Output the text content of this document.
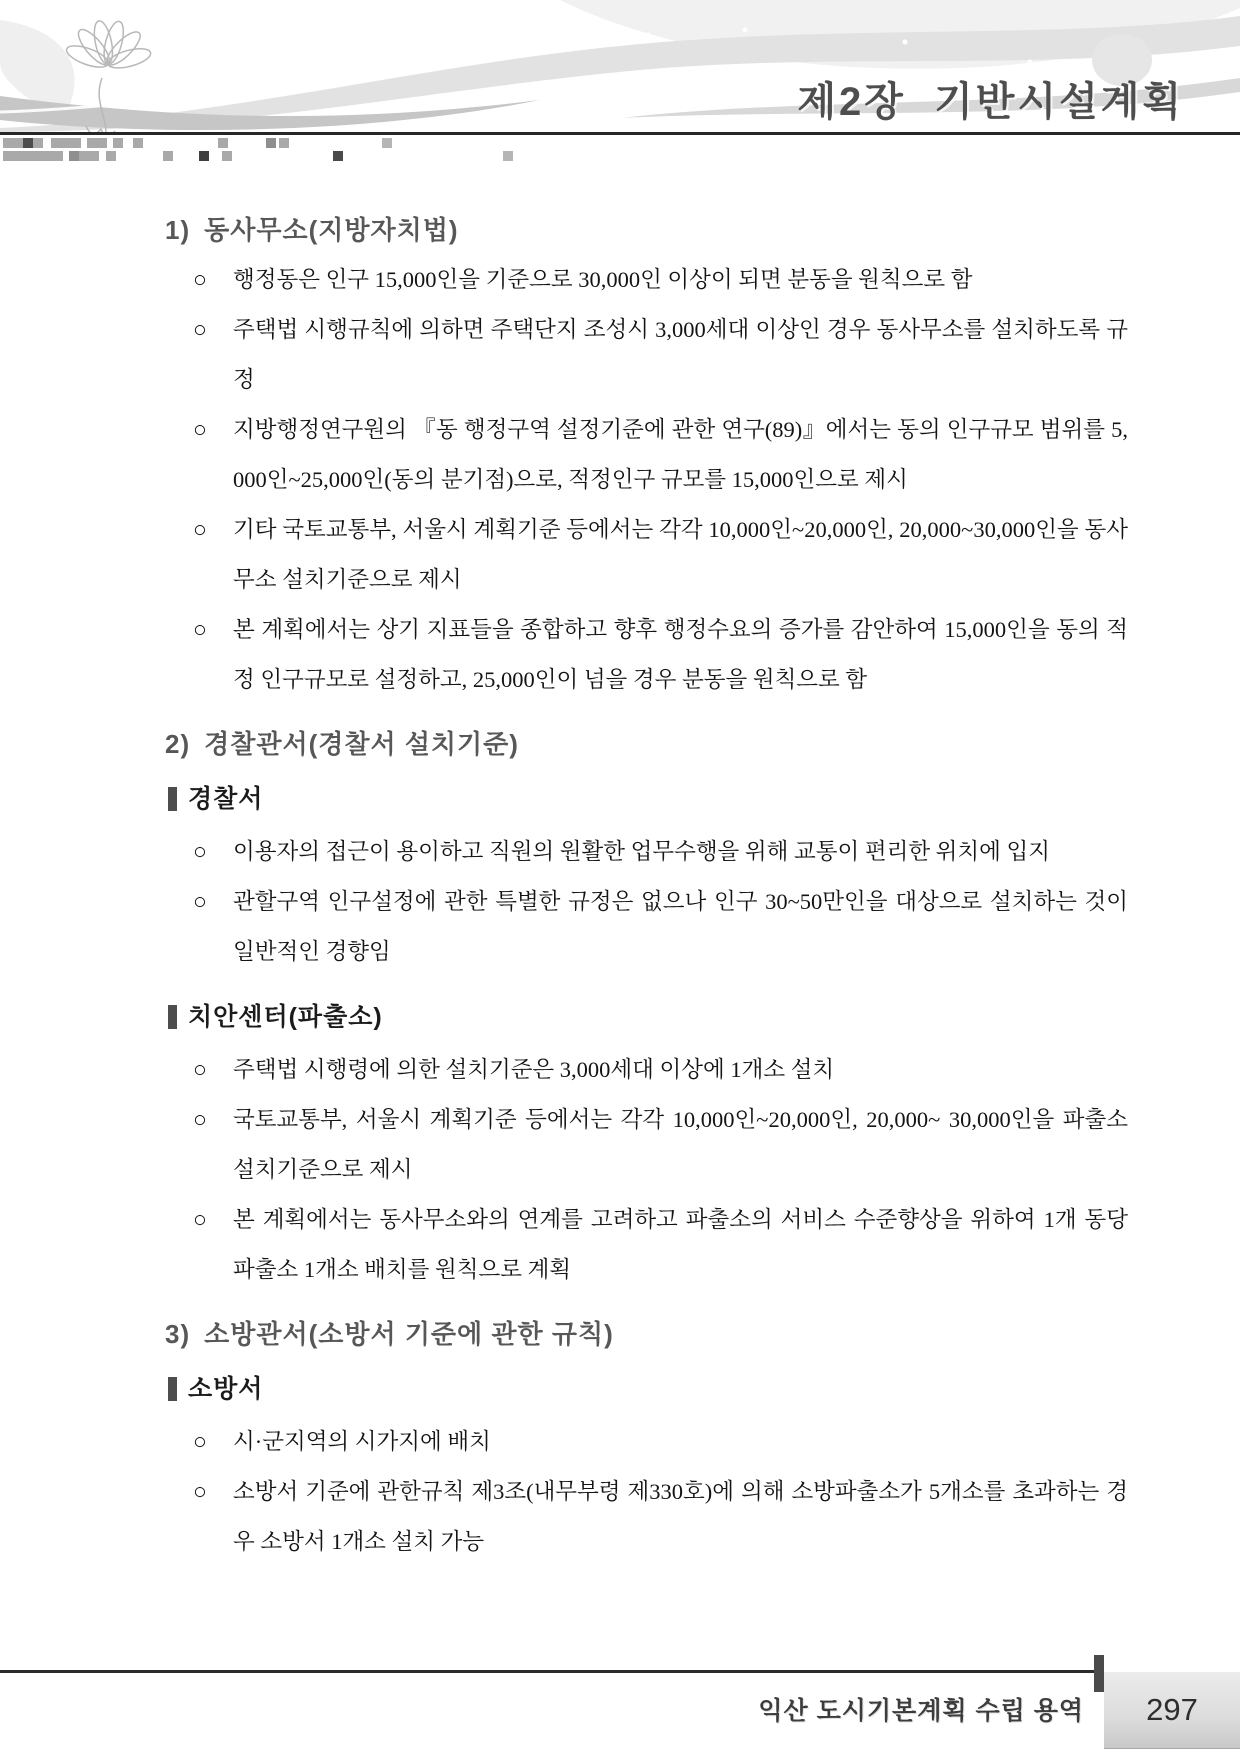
제2장  기반시설계획
1) 동사무소(지방자치법)
○	행정동은 인구 15,000인을 기준으로 30,000인 이상이 되면 분동을 원칙으로 함
○	주택법 시행규칙에 의하면 주택단지 조성시 3,000세대 이상인 경우 동사무소를 설치하도록 규정
○	지방행정연구원의 『동 행정구역 설정기준에 관한 연구(89)』에서는 동의 인구규모 범위를 5,000인~25,000인(동의 분기점)으로, 적정인구 규모를 15,000인으로 제시
○	기타 국토교통부, 서울시 계획기준 등에서는 각각 10,000인~20,000인, 20,000~30,000인을 동사무소 설치기준으로 제시
○	본 계획에서는 상기 지표들을 종합하고 향후 행정수요의 증가를 감안하여 15,000인을 동의 적정 인구규모로 설정하고, 25,000인이 넘을 경우 분동을 원칙으로 함
2) 경찰관서(경찰서 설치기준)
경찰서
○	이용자의 접근이 용이하고 직원의 원활한 업무수행을 위해 교통이 편리한 위치에 입지
○	관할구역 인구설정에 관한 특별한 규정은 없으나 인구 30~50만인을 대상으로 설치하는 것이 일반적인 경향임
치안센터(파출소)
○	주택법 시행령에 의한 설치기준은 3,000세대 이상에 1개소 설치
○	국토교통부, 서울시 계획기준 등에서는 각각 10,000인~20,000인, 20,000~ 30,000인을 파출소 설치기준으로 제시
○	본 계획에서는 동사무소와의 연계를 고려하고 파출소의 서비스 수준향상을 위하여 1개 동당 파출소 1개소 배치를 원칙으로 계획
3) 소방관서(소방서 기준에 관한 규칙)
소방서
○	시·군지역의 시가지에 배치
○	소방서 기준에 관한규칙 제3조(내무부령 제330호)에 의해 소방파출소가 5개소를 초과하는 경우 소방서 1개소 설치 가능
익산 도시기본계획 수립 용역 297
